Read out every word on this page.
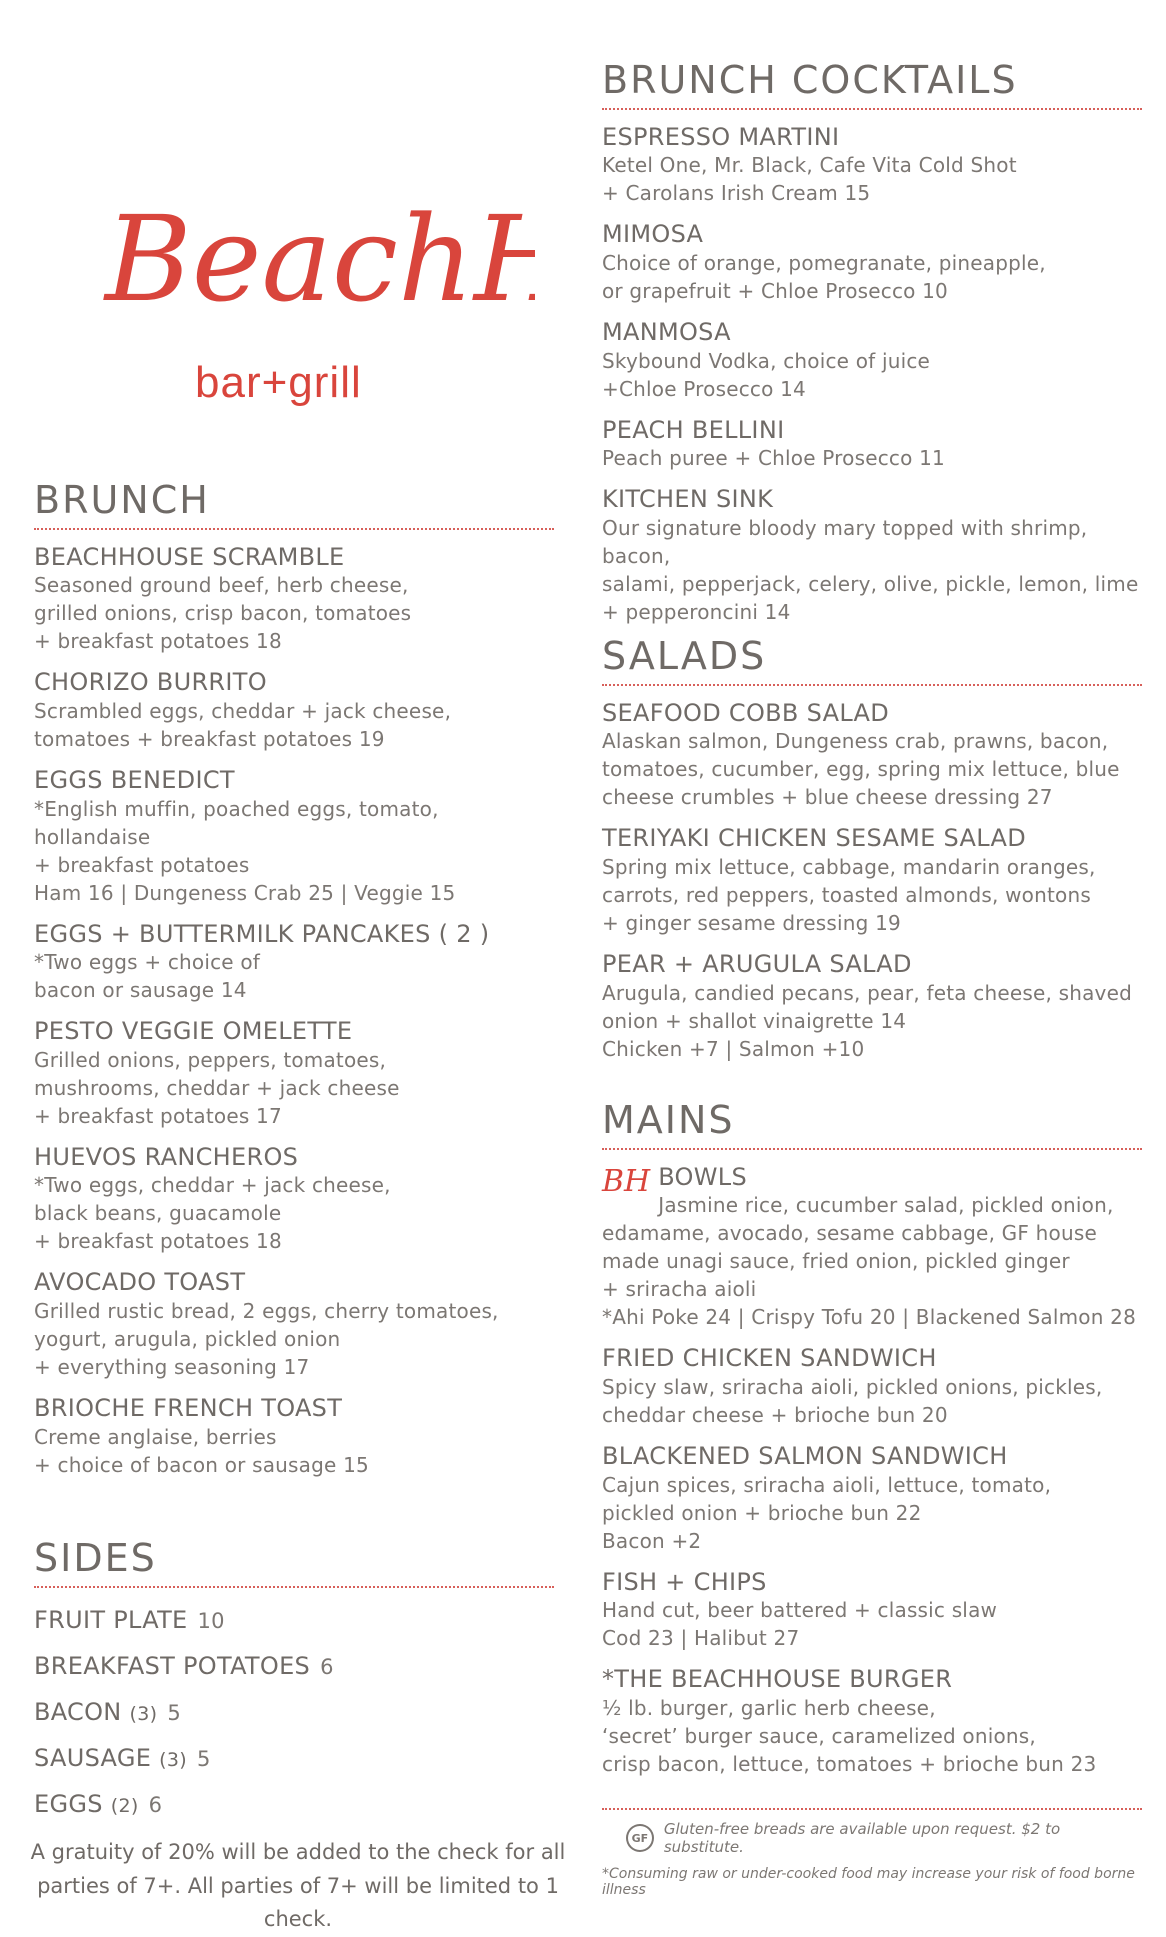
Beach
bar+grill
BRUNCH
BEACHHOUSE SCRAMBLE
Seasoned ground beef, herb cheese,
grilled onions, crisp bacon, tomatoes
+ breakfast potatoes 18
CHORIZO BURRITO
Scrambled eggs, cheddar + jack cheese,
tomatoes + breakfast potatoes 19
EGGS BENEDICT
*English muffin, poached eggs, tomato, hollandaise
+ breakfast potatoes
Ham 16 | Dungeness Crab 25 | Veggie 15
EGGS + BUTTERMILK PANCAKES ( 2 )
*Two eggs + choice of
bacon or sausage 14
PESTO VEGGIE OMELETTE
Grilled onions, peppers, tomatoes,
mushrooms, cheddar + jack cheese
+ breakfast potatoes 17
HUEVOS RANCHEROS
*Two eggs, cheddar + jack cheese,
black beans, guacamole
+ breakfast potatoes 18
AVOCADO TOAST
Grilled rustic bread, 2 eggs, cherry tomatoes,
yogurt, arugula, pickled onion
+ everything seasoning 17
BRIOCHE FRENCH TOAST
Creme anglaise, berries
+ choice of bacon or sausage 15
SIDES
FRUIT PLATE 10
BREAKFAST POTATOES 6
BACON (3) 5
SAUSAGE (3) 5
EGGS (2) 6
A gratuity of 20% will be added to the check for all parties of 7+. All parties of 7+ will be limited to 1 check.
BRUNCH COCKTAILS
ESPRESSO MARTINI
Ketel One, Mr. Black, Cafe Vita Cold Shot
+ Carolans Irish Cream 15
MIMOSA
Choice of orange, pomegranate, pineapple,
or grapefruit + Chloe Prosecco 10
MANMOSA
Skybound Vodka, choice of juice
+Chloe Prosecco 14
PEACH BELLINI
Peach puree + Chloe Prosecco 11
KITCHEN SINK
Our signature bloody mary topped with shrimp, bacon,
salami, pepperjack, celery, olive, pickle, lemon, lime
+ pepperoncini 14
SALADS
SEAFOOD COBB SALAD
Alaskan salmon, Dungeness crab, prawns, bacon,
tomatoes, cucumber, egg, spring mix lettuce, blue
cheese crumbles + blue cheese dressing 27
TERIYAKI CHICKEN SESAME SALAD
Spring mix lettuce, cabbage, mandarin oranges,
carrots, red peppers, toasted almonds, wontons
+ ginger sesame dressing 19
PEAR + ARUGULA SALAD
Arugula, candied pecans, pear, feta cheese, shaved
onion + shallot vinaigrette 14
Chicken +7 | Salmon +10
MAINS
BH BOWLS
Jasmine rice, cucumber salad, pickled onion,
edamame, avocado, sesame cabbage, GF house
made unagi sauce, fried onion, pickled ginger
+ sriracha aioli
*Ahi Poke 24 | Crispy Tofu 20 | Blackened Salmon 28
FRIED CHICKEN SANDWICH
Spicy slaw, sriracha aioli, pickled onions, pickles,
cheddar cheese + brioche bun 20
BLACKENED SALMON SANDWICH
Cajun spices, sriracha aioli, lettuce, tomato,
pickled onion + brioche bun 22
Bacon +2
FISH + CHIPS
Hand cut, beer battered + classic slaw
Cod 23 | Halibut 27
*THE BEACHHOUSE BURGER
½ lb. burger, garlic herb cheese,
‘secret’ burger sauce, caramelized onions,
crisp bacon, lettuce, tomatoes + brioche bun 23
GF	Gluten-free breads are available upon request. $2 to substitute.
*Consuming raw or under-cooked food may increase your risk of food borne illness
